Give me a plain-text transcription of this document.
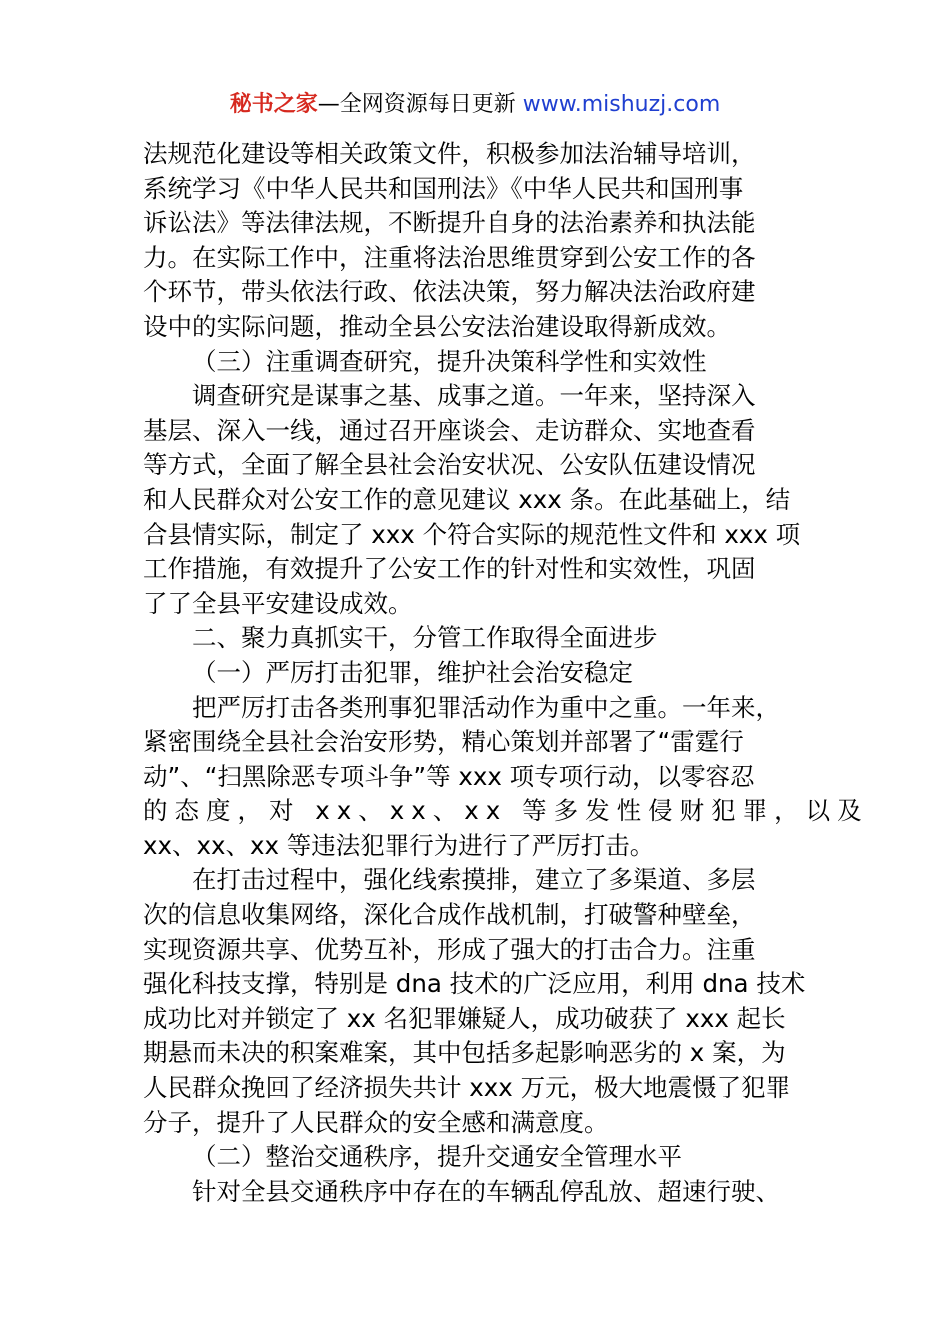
秘书之家—全网资源每日更新 www.mishuzj.com
法规范化建设等相关政策文件，积极参加法治辅导培训，
系统学习《中华人民共和国刑法》《中华人民共和国刑事
诉讼法》等法律法规，不断提升自身的法治素养和执法能
力。在实际工作中，注重将法治思维贯穿到公安工作的各
个环节，带头依法行政、依法决策，努力解决法治政府建
设中的实际问题，推动全县公安法治建设取得新成效。
（三）注重调查研究，提升决策科学性和实效性
调查研究是谋事之基、成事之道。一年来，坚持深入
基层、深入一线，通过召开座谈会、走访群众、实地查看
等方式，全面了解全县社会治安状况、公安队伍建设情况
和人民群众对公安工作的意见建议 xxx 条。在此基础上，结
合县情实际，制定了 xxx 个符合实际的规范性文件和 xxx 项
工作措施，有效提升了公安工作的针对性和实效性，巩固
了了全县平安建设成效。
二、聚力真抓实干，分管工作取得全面进步
（一）严厉打击犯罪，维护社会治安稳定
把严厉打击各类刑事犯罪活动作为重中之重。一年来，
紧密围绕全县社会治安形势，精心策划并部署了“雷霆行
动”、“扫黑除恶专项斗争”等 xxx 项专项行动，以零容忍
的态度，对 xx、xx、xx 等多发性侵财犯罪，以及
xx、xx、xx 等违法犯罪行为进行了严厉打击。
在打击过程中，强化线索摸排，建立了多渠道、多层
次的信息收集网络，深化合成作战机制，打破警种壁垒，
实现资源共享、优势互补，形成了强大的打击合力。注重
强化科技支撑，特别是 dna 技术的广泛应用，利用 dna 技术
成功比对并锁定了 xx 名犯罪嫌疑人，成功破获了 xxx 起长
期悬而未决的积案难案，其中包括多起影响恶劣的 x 案，为
人民群众挽回了经济损失共计 xxx 万元，极大地震慑了犯罪
分子，提升了人民群众的安全感和满意度。
（二）整治交通秩序，提升交通安全管理水平
针对全县交通秩序中存在的车辆乱停乱放、超速行驶、
